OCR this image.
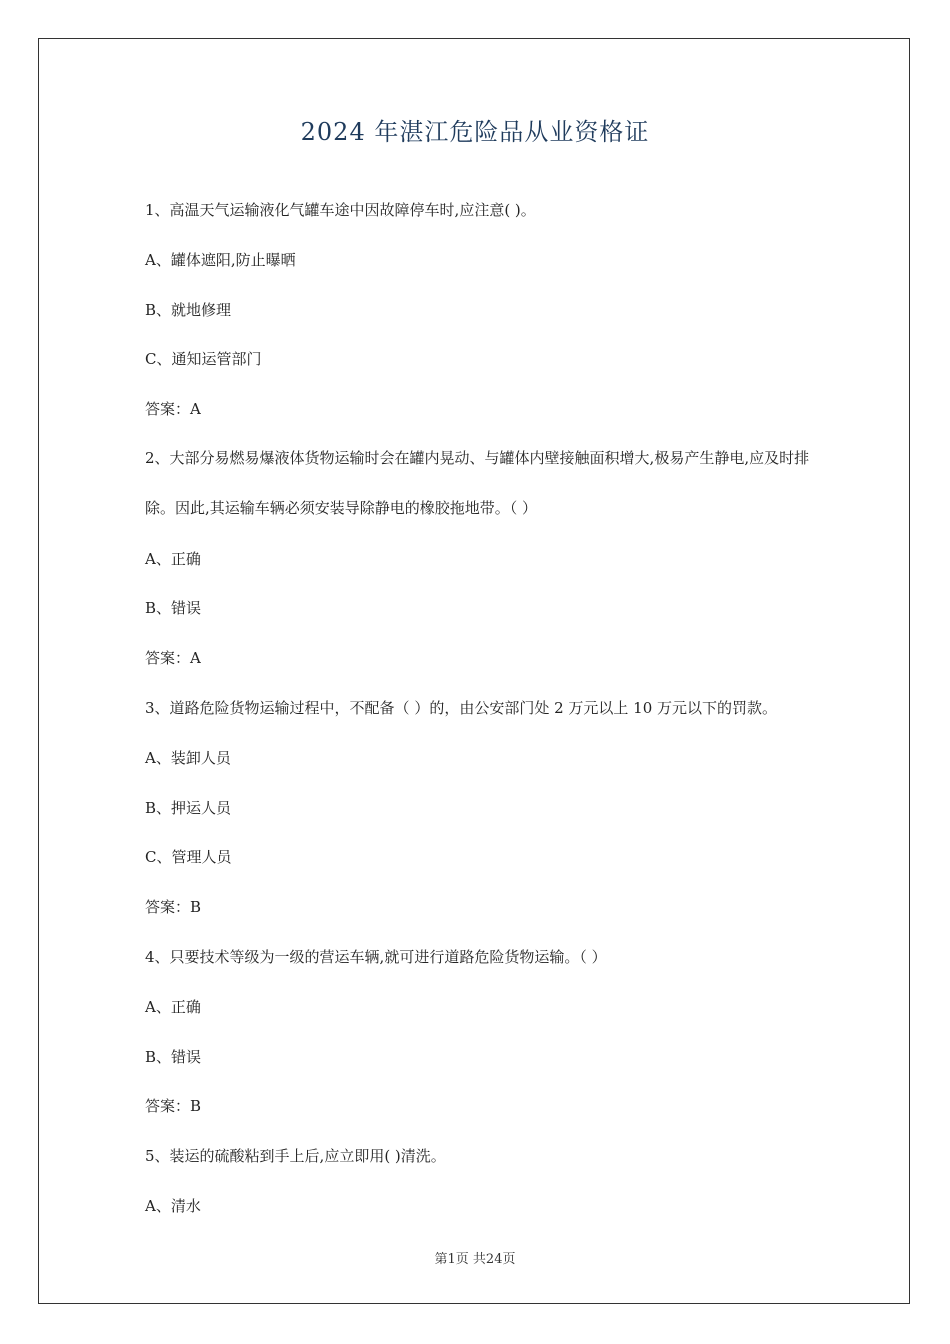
2024 年湛江危险品从业资格证
1、高温天气运输液化气罐车途中因故障停车时,应注意( )。
A、罐体遮阳,防止曝晒
B、就地修理
C、通知运管部门
答案：A
2、大部分易燃易爆液体货物运输时会在罐内晃动、与罐体内壁接触面积增大,极易产生静电,应及时排除。因此,其运输车辆必须安装导除静电的橡胶拖地带。（ ）
A、正确
B、错误
答案：A
3、道路危险货物运输过程中，不配备（ ）的，由公安部门处 2 万元以上 10 万元以下的罚款。
A、装卸人员
B、押运人员
C、管理人员
答案：B
4、只要技术等级为一级的营运车辆,就可进行道路危险货物运输。（ ）
A、正确
B、错误
答案：B
5、装运的硫酸粘到手上后,应立即用( )清洗。
A、清水
第1页 共24页
